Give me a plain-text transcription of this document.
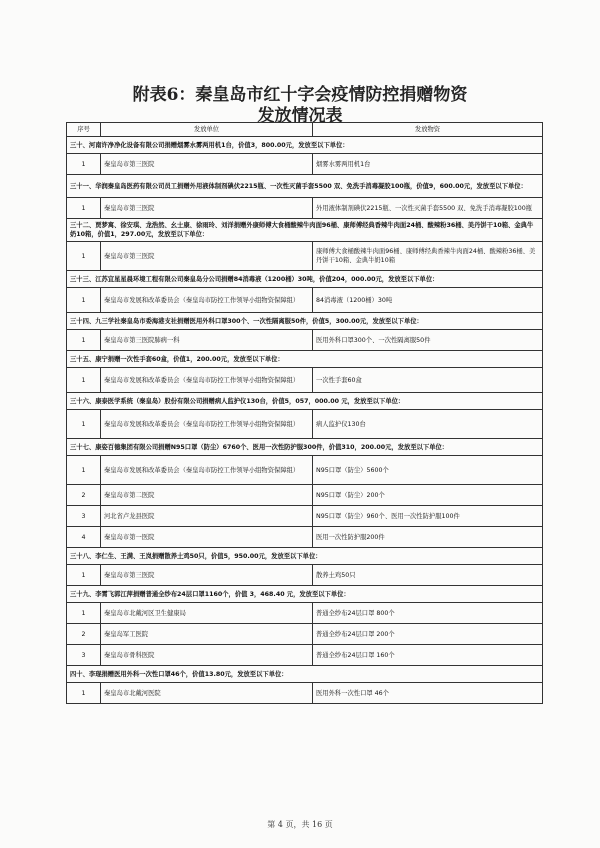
附表6：秦皇岛市红十字会疫情防控捐赠物资
发放情况表
序号	发放单位	发放物资
三十、河南许净净化设备有限公司捐赠烟雾水雾两用机1台，价值3，800.00元，发放至以下单位：		
1	秦皇岛市第三医院	烟雾水雾两用机1台
三十一、华润秦皇岛医药有限公司员工捐赠外用液体制剂碘伏2215瓶、一次性灭菌手套5500 双、免洗手消毒凝胶100瓶，价值9，600.00元，发放至以下单位：		
1	秦皇岛市第三医院	外用液体制剂碘伏2215瓶、一次性灭菌手套5500 双、免洗手消毒凝胶100瓶
三十二、贾梦寓、徐安琪、龙浩然、幺士康、徐雨玲、刘洋捐赠外康师傅大食桶酸辣牛肉面96桶、康师傅经典香辣牛肉面24桶、酸辣粉36桶、美丹饼干10箱、金典牛奶10箱，价值1，297.00元，发放至以下单位：		
1	秦皇岛市第三医院	康师傅大食桶酸辣牛肉面96桶、康师傅经典香辣牛肉面24桶、酸辣粉36桶、美丹饼干10箱、金典牛奶10箱
三十三、江苏宜星星晨环境工程有限公司秦皇岛分公司捐赠84消毒液（1200桶）30吨，价值204，000.00元，发放至以下单位：		
1	秦皇岛市发展和改革委员会（秦皇岛市防控工作领导小组物资保障组）	84消毒液（1200桶）30吨
三十四、九三学社秦皇岛市委海港支社捐赠医用外科口罩300个、一次性隔离服50件，价值5，300.00元，发放至以下单位：		
1	秦皇岛市第三医院肺病一科	医用外科口罩300个、一次性隔离服50件
三十五、康宁捐赠一次性手套60盒，价值1，200.00元，发放至以下单位：		
1	秦皇岛市发展和改革委员会（秦皇岛市防控工作领导小组物资保障组）	一次性手套60盒
三十六、康泰医学系统（秦皇岛）股份有限公司捐赠病人监护仪130台，价值5，057，000.00 元，发放至以下单位：		
1	秦皇岛市发展和改革委员会（秦皇岛市防控工作领导小组物资保障组）	病人监护仪130台
三十七、康姿百德集团有限公司捐赠N95口罩（防尘）6760个、医用一次性防护服300件，价值310，200.00元，发放至以下单位：		
1	秦皇岛市发展和改革委员会（秦皇岛市防控工作领导小组物资保障组）	N95口罩（防尘）5600个
2	秦皇岛市第二医院	N95口罩（防尘）200个
3	河北省卢龙县医院	N95口罩（防尘）960个、医用一次性防护服100件
4	秦皇岛市第一医院	医用一次性防护服200件
三十八、李仁生、王满、王岚捐赠散养土鸡50只，价值5，950.00元，发放至以下单位：		
1	秦皇岛市第三医院	散养土鸡50只
三十九、李霄飞郭江萍捐赠普通全纱布24层口罩1160个，价值 3，468.40 元，发放至以下单位：		
1	秦皇岛市北戴河区卫生健康局	普通全纱布24层口罩 800个
2	秦皇岛军工医院	普通全纱布24层口罩 200个
3	秦皇岛市骨科医院	普通全纱布24层口罩 160个
四十、李琨捐赠医用外科一次性口罩46个，价值13.80元，发放至以下单位：		
1	秦皇岛市北戴河医院	医用外科一次性口罩 46个
第 4 页，共 16 页
